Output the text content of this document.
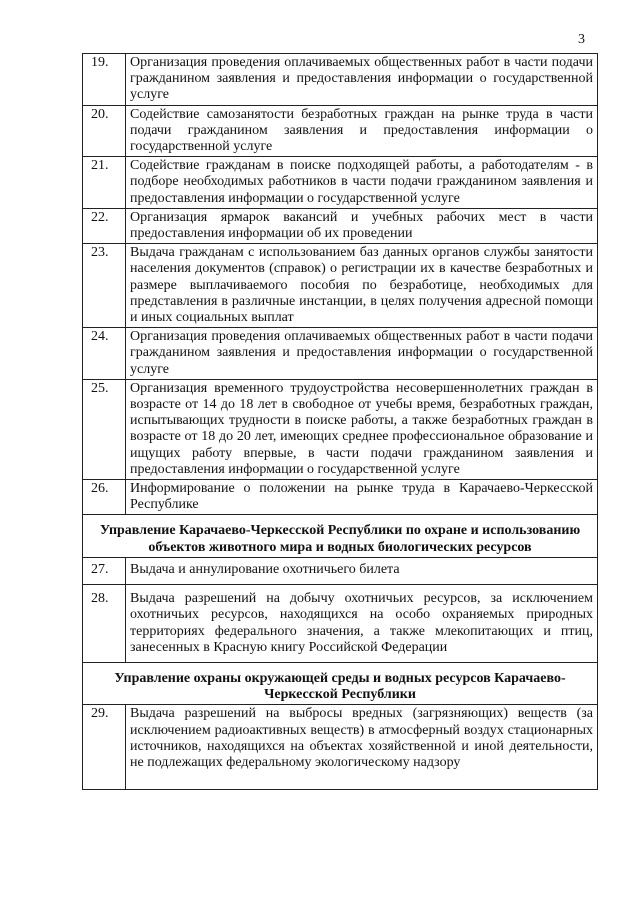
3
19.	Организация проведения оплачиваемых общественных работ в части подачи гражданином заявления и предоставления информации о государственной услуге
20.	Содействие самозанятости безработных граждан на рынке труда в части подачи гражданином заявления и предоставления информации о государственной услуге
21.	Содействие гражданам в поиске подходящей работы, а работодателям - в подборе необходимых работников в части подачи гражданином заявления и предоставления информации о государственной услуге
22.	Организация ярмарок вакансий и учебных рабочих мест в части предоставления информации об их проведении
23.	Выдача гражданам с использованием баз данных органов службы занятости населения документов (справок) о регистрации их в качестве безработных и размере выплачиваемого пособия по безработице, необходимых для представления в различные инстанции, в целях получения адресной помощи и иных социальных выплат
24.	Организация проведения оплачиваемых общественных работ в части подачи гражданином заявления и предоставления информации о государственной услуге
25.	Организация временного трудоустройства несовершеннолетних граждан в возрасте от 14 до 18 лет в свободное от учебы время, безработных граждан, испытывающих трудности в поиске работы, а также безработных граждан в возрасте от 18 до 20 лет, имеющих среднее профессиональное образование и ищущих работу впервые, в части подачи гражданином заявления и предоставления информации о государственной услуге
26.	Информирование о положении на рынке труда в Карачаево-Черкесской Республике
Управление Карачаево-Черкесской Республики по охране и использованию объектов животного мира и водных биологических ресурсов	
27.	Выдача и аннулирование охотничьего билета
28.	Выдача разрешений на добычу охотничьих ресурсов, за исключением охотничьих ресурсов, находящихся на особо охраняемых природных территориях федерального значения, а также млекопитающих и птиц, занесенных в Красную книгу Российской Федерации
Управление охраны окружающей среды и водных ресурсов Карачаево-Черкесской Республики	
29.	Выдача разрешений на выбросы вредных (загрязняющих) веществ (за исключением радиоактивных веществ) в атмосферный воздух стационарных источников, находящихся на объектах хозяйственной и иной деятельности, не подлежащих федеральному экологическому надзору
